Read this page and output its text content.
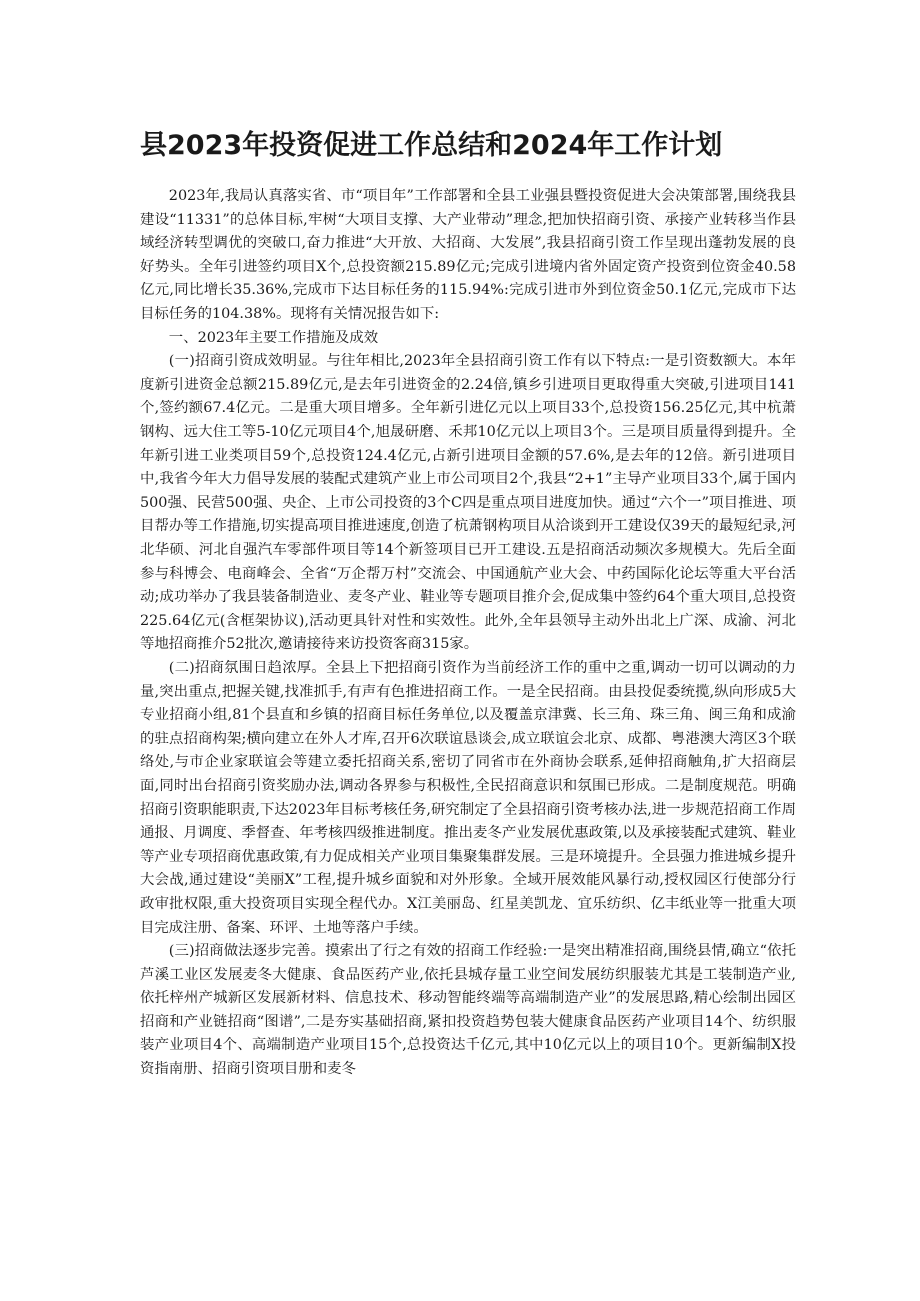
县2023年投资促进工作总结和2024年工作计划

2023年,我局认真落实省、市“项目年”工作部署和全县工业强县暨投资促进大会决策部署,围绕我县建设“11331”的总体目标,牢树“大项目支撑、大产业带动”理念,把加快招商引资、承接产业转移当作县域经济转型调优的突破口,奋力推进“大开放、大招商、大发展”,我县招商引资工作呈现出蓬勃发展的良好势头。全年引进签约项目X个,总投资额215.89亿元;完成引进境内省外固定资产投资到位资金40.58亿元,同比增长35.36%,完成市下达目标任务的115.94%:完成引进市外到位资金50.1亿元,完成市下达目标任务的104.38%。现将有关情况报告如下:

一、2023年主要工作措施及成效

(一)招商引资成效明显。与往年相比,2023年全县招商引资工作有以下特点:一是引资数额大。本年度新引进资金总额215.89亿元,是去年引进资金的2.24倍,镇乡引进项目更取得重大突破,引进项目141个,签约额67.4亿元。二是重大项目增多。全年新引进亿元以上项目33个,总投资156.25亿元,其中杭萧钢构、远大住工等5-10亿元项目4个,旭晟研磨、禾邦10亿元以上项目3个。三是项目质量得到提升。全年新引进工业类项目59个,总投资124.4亿元,占新引进项目金额的57.6%,是去年的12倍。新引进项目中,我省今年大力倡导发展的装配式建筑产业上市公司项目2个,我县“2+1”主导产业项目33个,属于国内500强、民营500强、央企、上市公司投资的3个C四是重点项目进度加快。通过“六个一”项目推进、项目帮办等工作措施,切实提高项目推进速度,创造了杭萧钢构项目从洽谈到开工建设仅39天的最短纪录,河北华硕、河北自强汽车零部件项目等14个新签项目已开工建设.五是招商活动频次多规模大。先后全面参与科博会、电商峰会、全省“万企帮万村”交流会、中国通航产业大会、中药国际化论坛等重大平台活动;成功举办了我县装备制造业、麦冬产业、鞋业等专题项目推介会,促成集中签约64个重大项目,总投资225.64亿元(含框架协议),活动更具针对性和实效性。此外,全年县领导主动外出北上广深、成渝、河北等地招商推介52批次,邀请接待来访投资客商315家。

(二)招商氛围日趋浓厚。全县上下把招商引资作为当前经济工作的重中之重,调动一切可以调动的力量,突出重点,把握关键,找准抓手,有声有色推进招商工作。一是全民招商。由县投促委统揽,纵向形成5大专业招商小组,81个县直和乡镇的招商目标任务单位,以及覆盖京津冀、长三角、珠三角、闽三角和成渝的驻点招商构架;横向建立在外人才库,召开6次联谊恳谈会,成立联谊会北京、成都、粤港澳大湾区3个联络处,与市企业家联谊会等建立委托招商关系,密切了同省市在外商协会联系,延伸招商触角,扩大招商层面,同时出台招商引资奖励办法,调动各界参与积极性,全民招商意识和氛围已形成。二是制度规范。明确招商引资职能职责,下达2023年目标考核任务,研究制定了全县招商引资考核办法,进一步规范招商工作周通报、月调度、季督查、年考核四级推进制度。推出麦冬产业发展优惠政策,以及承接装配式建筑、鞋业等产业专项招商优惠政策,有力促成相关产业项目集聚集群发展。三是环境提升。全县强力推进城乡提升大会战,通过建设“美丽X”工程,提升城乡面貌和对外形象。全域开展效能风暴行动,授权园区行使部分行政审批权限,重大投资项目实现全程代办。X江美丽岛、红星美凯龙、宜乐纺织、亿丰纸业等一批重大项目完成注册、备案、环评、土地等落户手续。

(三)招商做法逐步完善。摸索出了行之有效的招商工作经验:一是突出精准招商,围绕县情,确立“依托芦溪工业区发展麦冬大健康、食品医药产业,依托县城存量工业空间发展纺织服装尤其是工装制造产业,依托梓州产城新区发展新材料、信息技术、移动智能终端等高端制造产业”的发展思路,精心绘制出园区招商和产业链招商“图谱”,二是夯实基础招商,紧扣投资趋势包装大健康食品医药产业项目14个、纺织服装产业项目4个、高端制造产业项目15个,总投资达千亿元,其中10亿元以上的项目10个。更新编制X投资指南册、招商引资项目册和麦冬
